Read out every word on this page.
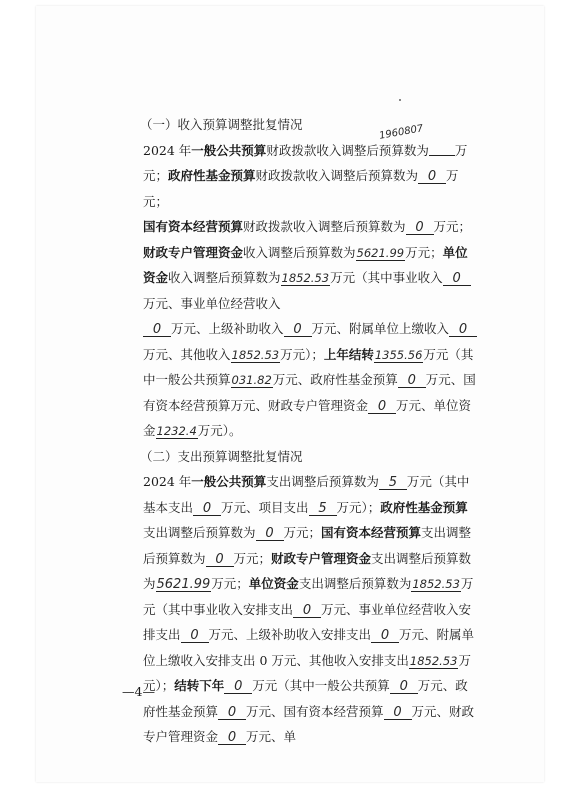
1960807

（一）收入预算调整批复情况

2024 年一般公共预算财政拨款收入调整后预算数为 万
元；政府性基金预算财政拨款收入调整后预算数为 0 万元；
国有资本经营预算财政拨款收入调整后预算数为 0 万元；财政专户管理资金收入调整后预算数为5621.99万元；单位资金收入调整后预算数为1852.53万元（其中事业收入 0万元、事业单位经营收入
0 万元、上级补助收入 0 万元、附属单位上缴收入 0万元、其他收入1852.53万元）；上年结转1355.56万元（其中一般公共预算031.82万元、政府性基金预算 0 万元、国有资本经营预算万元、财政专户管理资金 0 万元、单位资金1232.4万元）。

（二）支出预算调整批复情况

2024 年一般公共预算支出调整后预算数为 5 万元（其中基本支出 0 万元、项目支出 5 万元）；政府性基金预算支出调整后预算数为 0 万元；国有资本经营预算支出调整后预算数为 0 万元；财政专户管理资金支出调整后预算数为5621.99万元；单位资金支出调整后预算数为1852.53万元（其中事业收入安排支出 0 万元、事业单位经营收入安排支出 0 万元、上级补助收入安排支出 0 万元、附属单位上缴收入安排支出 0 万元、其他收入安排支出1852.53万元）；结转下年 0 万元（其中一般公共预算 0 万元、政府性基金预算 0 万元、国有资本经营预算 0 万元、财政专户管理资金 0 万元、单

—4—
